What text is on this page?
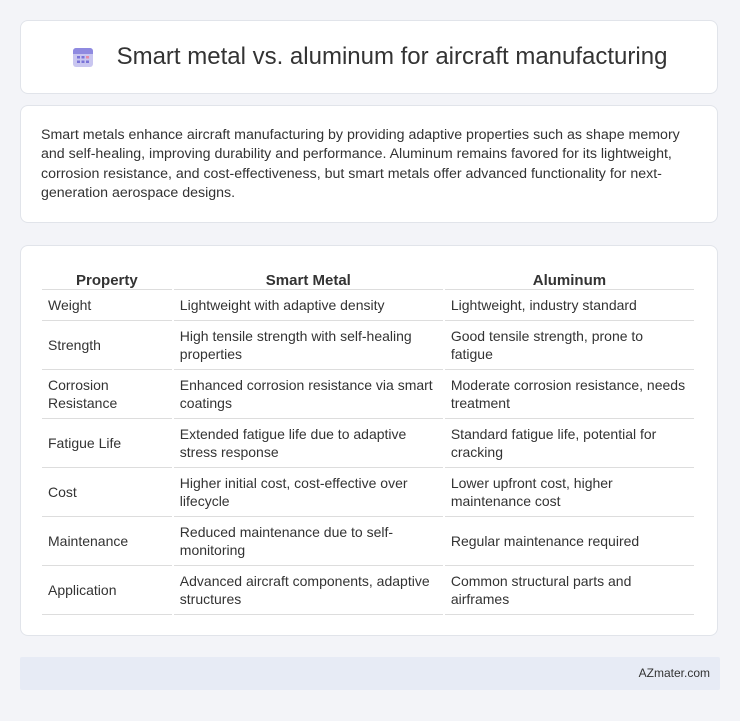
Smart metal vs. aluminum for aircraft manufacturing

Smart metals enhance aircraft manufacturing by providing adaptive properties such as shape memory and self-healing, improving durability and performance. Aluminum remains favored for its lightweight, corrosion resistance, and cost-effectiveness, but smart metals offer advanced functionality for next-generation aerospace designs.

Property	Smart Metal	Aluminum
Weight	Lightweight with adaptive density	Lightweight, industry standard
Strength	High tensile strength with self-healing properties	Good tensile strength, prone to fatigue
Corrosion Resistance	Enhanced corrosion resistance via smart coatings	Moderate corrosion resistance, needs treatment
Fatigue Life	Extended fatigue life due to adaptive stress response	Standard fatigue life, potential for cracking
Cost	Higher initial cost, cost-effective over lifecycle	Lower upfront cost, higher maintenance cost
Maintenance	Reduced maintenance due to self-monitoring	Regular maintenance required
Application	Advanced aircraft components, adaptive structures	Common structural parts and airframes
AZmater.com
